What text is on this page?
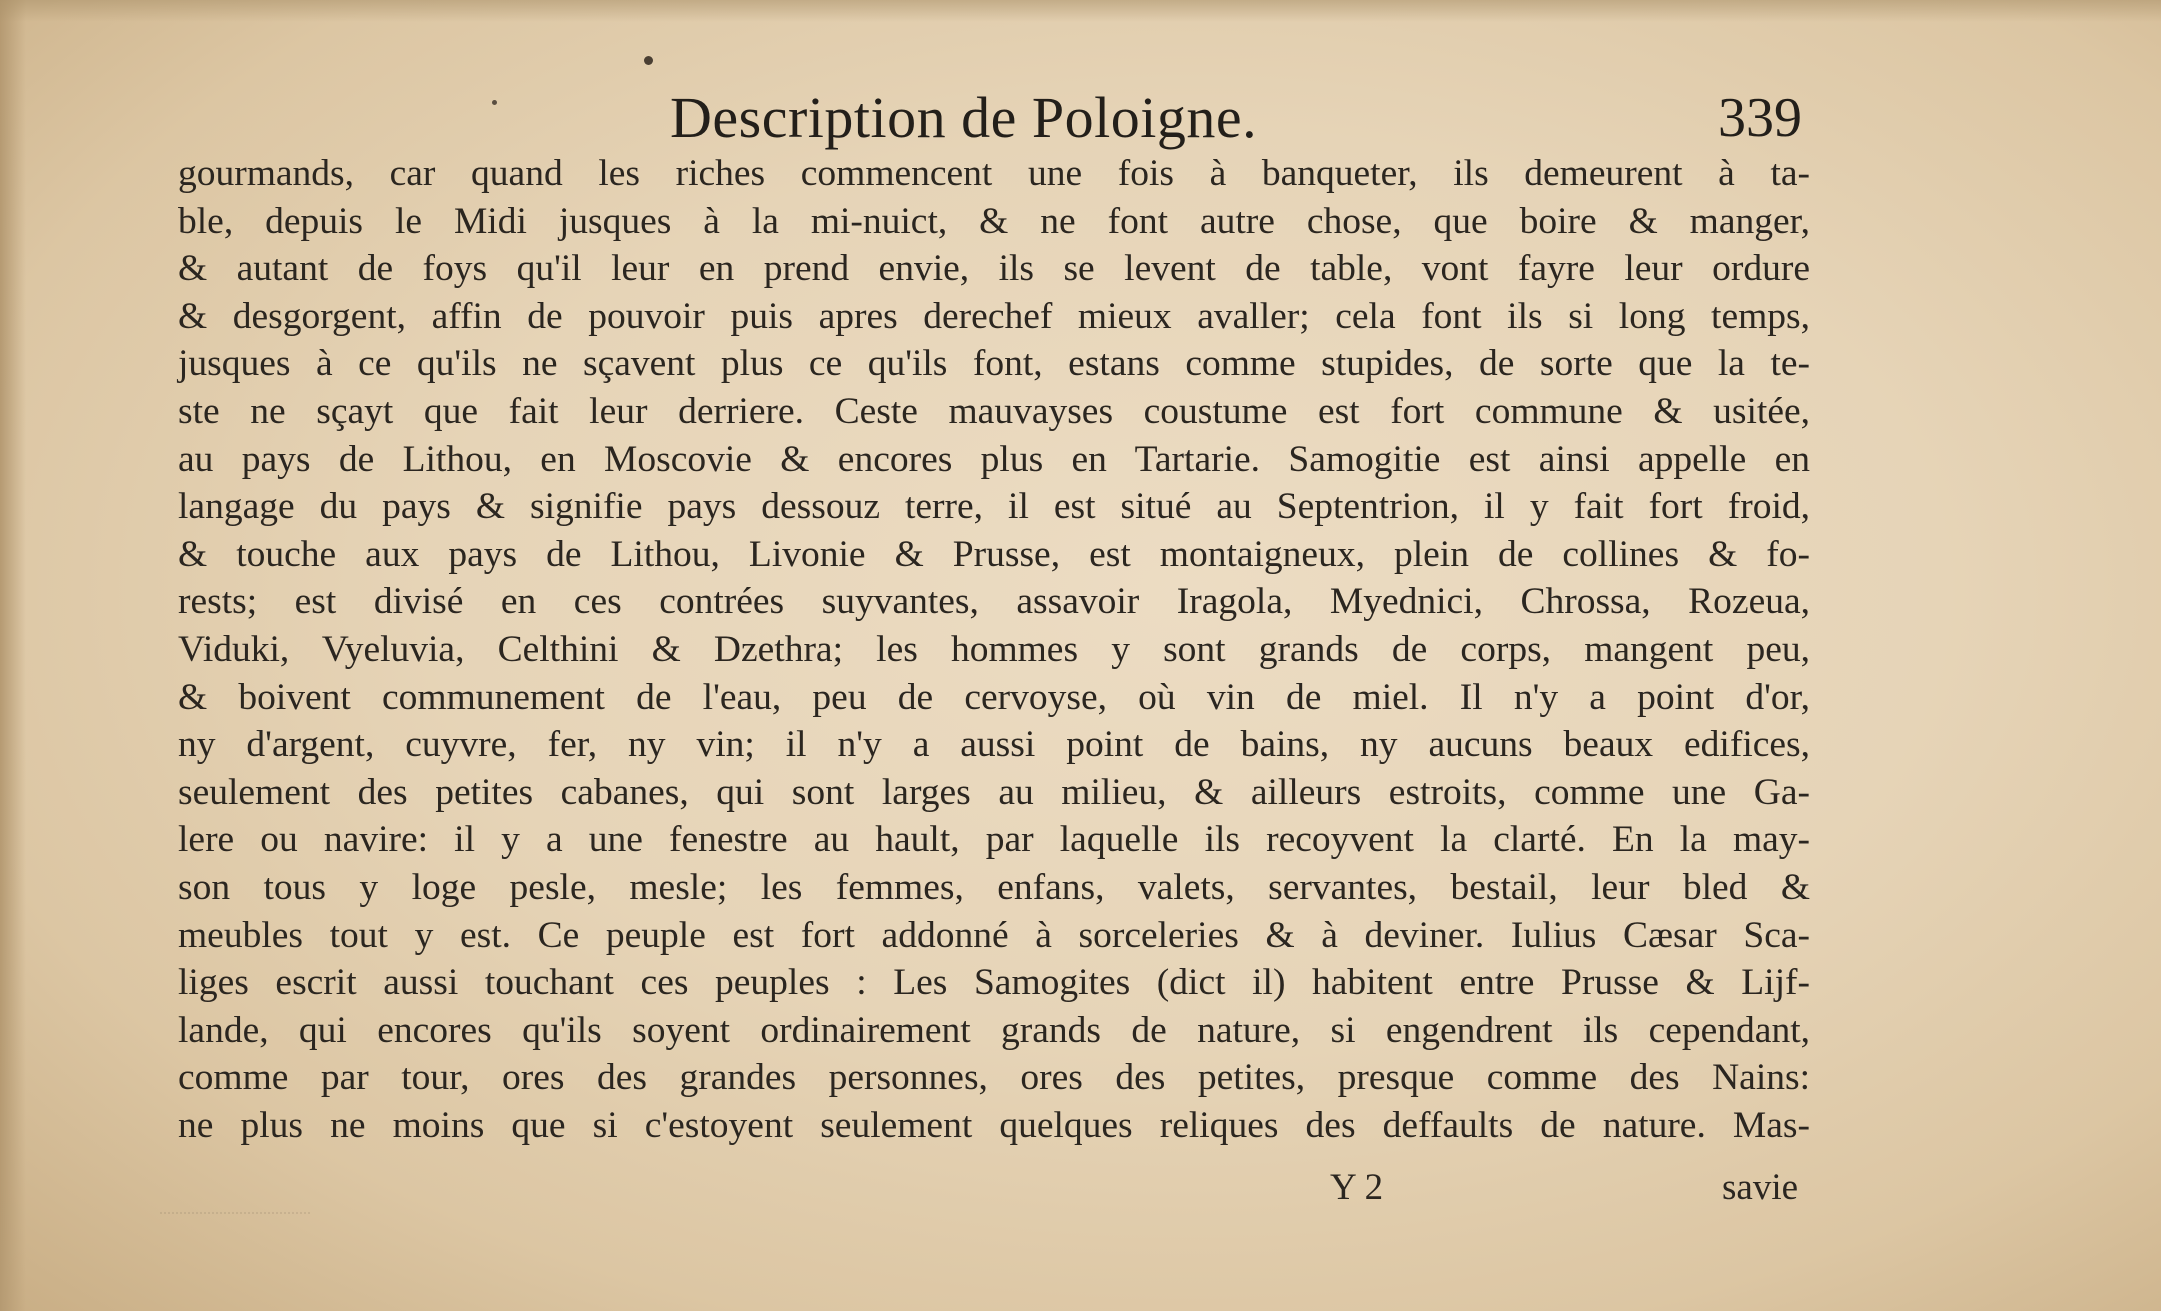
Description de Poloigne.	339
gourmands, car quand les riches commencent une fois à banqueter, ils demeurent à ta-
ble, depuis le Midi jusques à la mi-nuict, & ne font autre chose, que boire & manger,
& autant de foys qu'il leur en prend envie, ils se levent de table, vont fayre leur ordure
& desgorgent, affin de pouvoir puis apres derechef mieux avaller; cela font ils si long temps,
jusques à ce qu'ils ne sçavent plus ce qu'ils font, estans comme stupides, de sorte que la te-
ste ne sçayt que fait leur derriere. Ceste mauvayses coustume est fort commune & usitée,
au pays de Lithou, en Moscovie & encores plus en Tartarie. Samogitie est ainsi appelle en
langage du pays & signifie pays dessouz terre, il est situé au Septentrion, il y fait fort froid,
& touche aux pays de Lithou, Livonie & Prusse, est montaigneux, plein de collines & fo-
rests; est divisé en ces contrées suyvantes, assavoir Iragola, Myednici, Chrossa, Rozeua,
Viduki, Vyeluvia, Celthini & Dzethra; les hommes y sont grands de corps, mangent peu,
& boivent communement de l'eau, peu de cervoyse, où vin de miel. Il n'y a point d'or,
ny d'argent, cuyvre, fer, ny vin; il n'y a aussi point de bains, ny aucuns beaux edifices,
seulement des petites cabanes, qui sont larges au milieu, & ailleurs estroits, comme une Ga-
lere ou navire: il y a une fenestre au hault, par laquelle ils recoyvent la clarté. En la may-
son tous y loge pesle, mesle; les femmes, enfans, valets, servantes, bestail, leur bled &
meubles tout y est. Ce peuple est fort addonné à sorceleries & à deviner. Iulius Cæsar Sca-
liges escrit aussi touchant ces peuples : Les Samogites (dict il) habitent entre Prusse & Lijf-
lande, qui encores qu'ils soyent ordinairement grands de nature, si engendrent ils cependant,
comme par tour, ores des grandes personnes, ores des petites, presque comme des Nains:
ne plus ne moins que si c'estoyent seulement quelques reliques des deffaults de nature. Mas-
Y 2	savie
